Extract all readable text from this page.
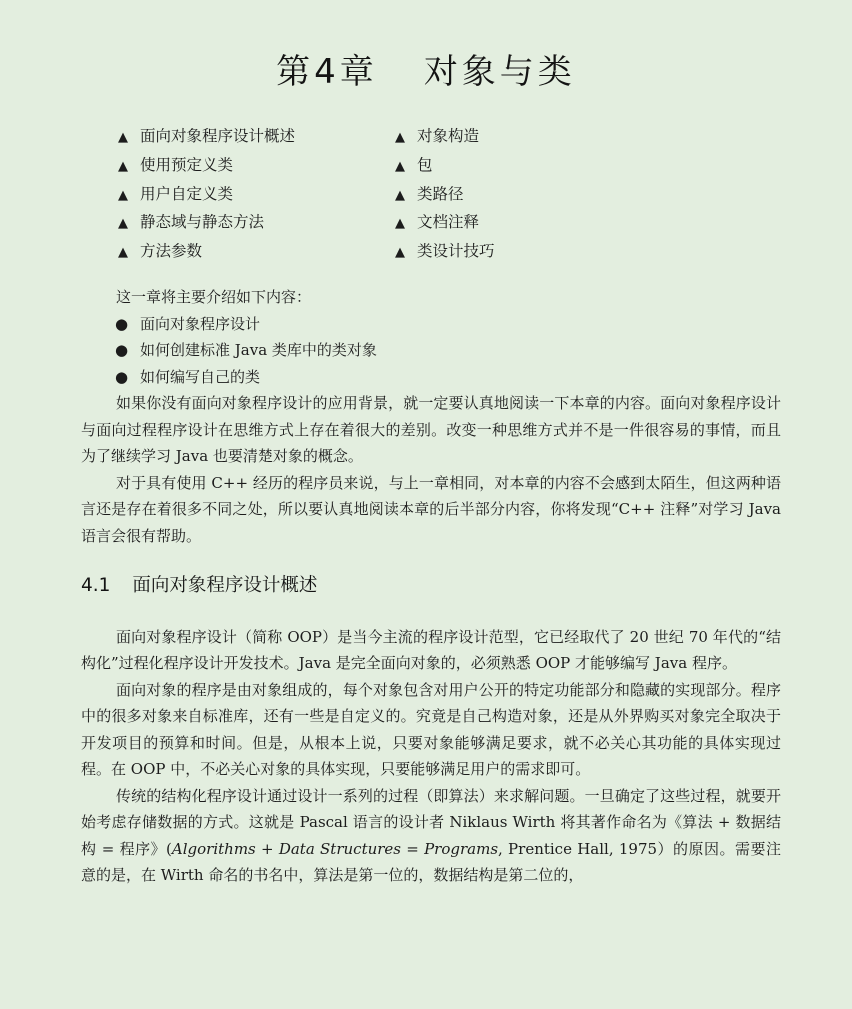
第4章 对象与类
▲ 面向对象程序设计概述
▲ 使用预定义类
▲ 用户自定义类
▲ 静态域与静态方法
▲ 方法参数
▲ 对象构造
▲ 包
▲ 类路径
▲ 文档注释
▲ 类设计技巧

这一章将主要介绍如下内容：

● 面向对象程序设计
● 如何创建标准 Java 类库中的类对象
● 如何编写自己的类

如果你没有面向对象程序设计的应用背景，就一定要认真地阅读一下本章的内容。面向对象程序设计与面向过程程序设计在思维方式上存在着很大的差别。改变一种思维方式并不是一件很容易的事情，而且为了继续学习 Java 也要清楚对象的概念。

对于具有使用 C++ 经历的程序员来说，与上一章相同，对本章的内容不会感到太陌生，但这两种语言还是存在着很多不同之处，所以要认真地阅读本章的后半部分内容，你将发现“C++ 注释”对学习 Java 语言会很有帮助。

4.1 面向对象程序设计概述

面向对象程序设计（简称 OOP）是当今主流的程序设计范型，它已经取代了 20 世纪 70 年代的“结构化”过程化程序设计开发技术。Java 是完全面向对象的，必须熟悉 OOP 才能够编写 Java 程序。

面向对象的程序是由对象组成的，每个对象包含对用户公开的特定功能部分和隐藏的实现部分。程序中的很多对象来自标准库，还有一些是自定义的。究竟是自己构造对象，还是从外界购买对象完全取决于开发项目的预算和时间。但是，从根本上说，只要对象能够满足要求，就不必关心其功能的具体实现过程。在 OOP 中，不必关心对象的具体实现，只要能够满足用户的需求即可。

传统的结构化程序设计通过设计一系列的过程（即算法）来求解问题。一旦确定了这些过程，就要开始考虑存储数据的方式。这就是 Pascal 语言的设计者 Niklaus Wirth 将其著作命名为《算法 + 数据结构 = 程序》(Algorithms + Data Structures = Programs, Prentice Hall, 1975）的原因。需要注意的是，在 Wirth 命名的书名中，算法是第一位的，数据结构是第二位的，
